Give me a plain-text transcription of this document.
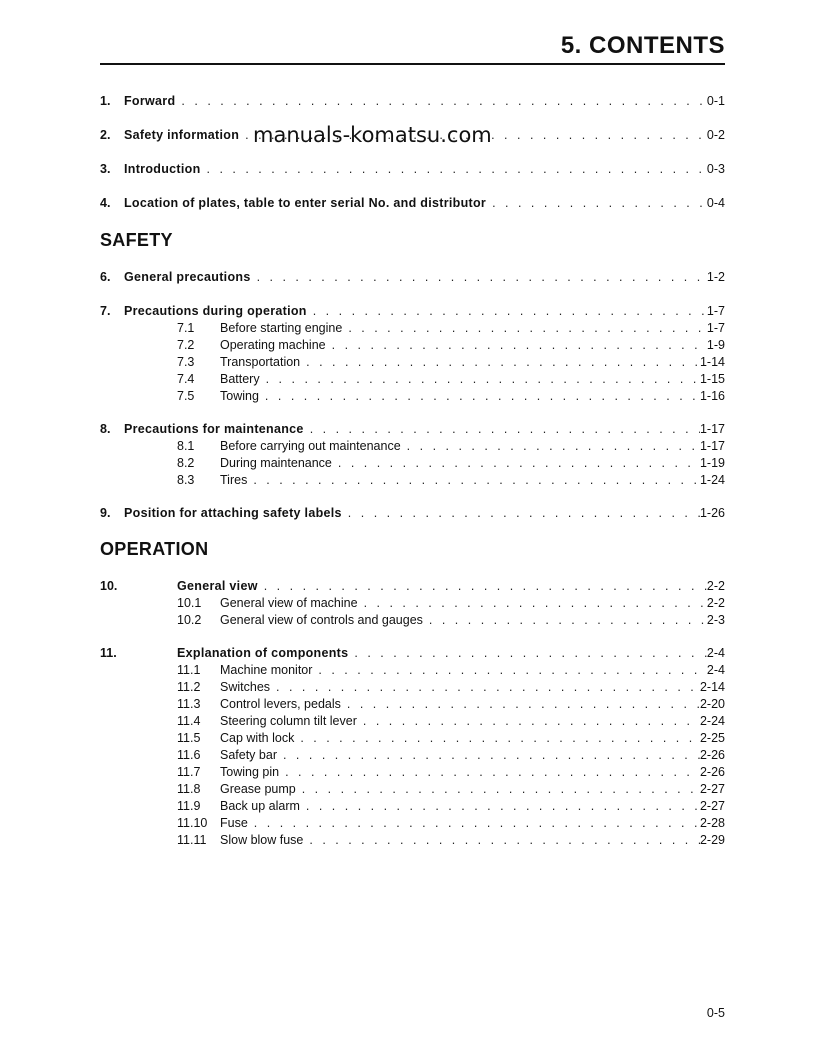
5. CONTENTS
1.	Forward . . .	0-1
2.	Safety information . . .	0-2
manuals-komatsu.com
3.	Introduction . . .	0-3
4.	Location of plates, table to enter serial No. and distributor . . .	0-4
SAFETY
6.	General precautions . . .	1-2
7.	Precautions during operation . . .	1-7
7.1	Before starting engine . . .	1-7
7.2	Operating machine . . .	1-9
7.3	Transportation . . .	1-14
7.4	Battery . . .	1-15
7.5	Towing . . .	1-16
8.	Precautions for maintenance . . .	1-17
8.1	Before carrying out maintenance . . .	1-17
8.2	During maintenance . . .	1-19
8.3	Tires . . .	1-24
9.	Position for attaching safety labels . . .	1-26
OPERATION
10.	General view . . .	2-2
10.1	General view of machine . . .	2-2
10.2	General view of controls and gauges . . .	2-3
11.	Explanation of components . . .	2-4
11.1	Machine monitor . . .	2-4
11.2	Switches . . .	2-14
11.3	Control levers, pedals . . .	2-20
11.4	Steering column tilt lever . . .	2-24
11.5	Cap with lock . . .	2-25
11.6	Safety bar . . .	2-26
11.7	Towing pin . . .	2-26
11.8	Grease pump . . .	2-27
11.9	Back up alarm . . .	2-27
11.10	Fuse . . .	2-28
11.11	Slow blow fuse . . .	2-29
0-5
